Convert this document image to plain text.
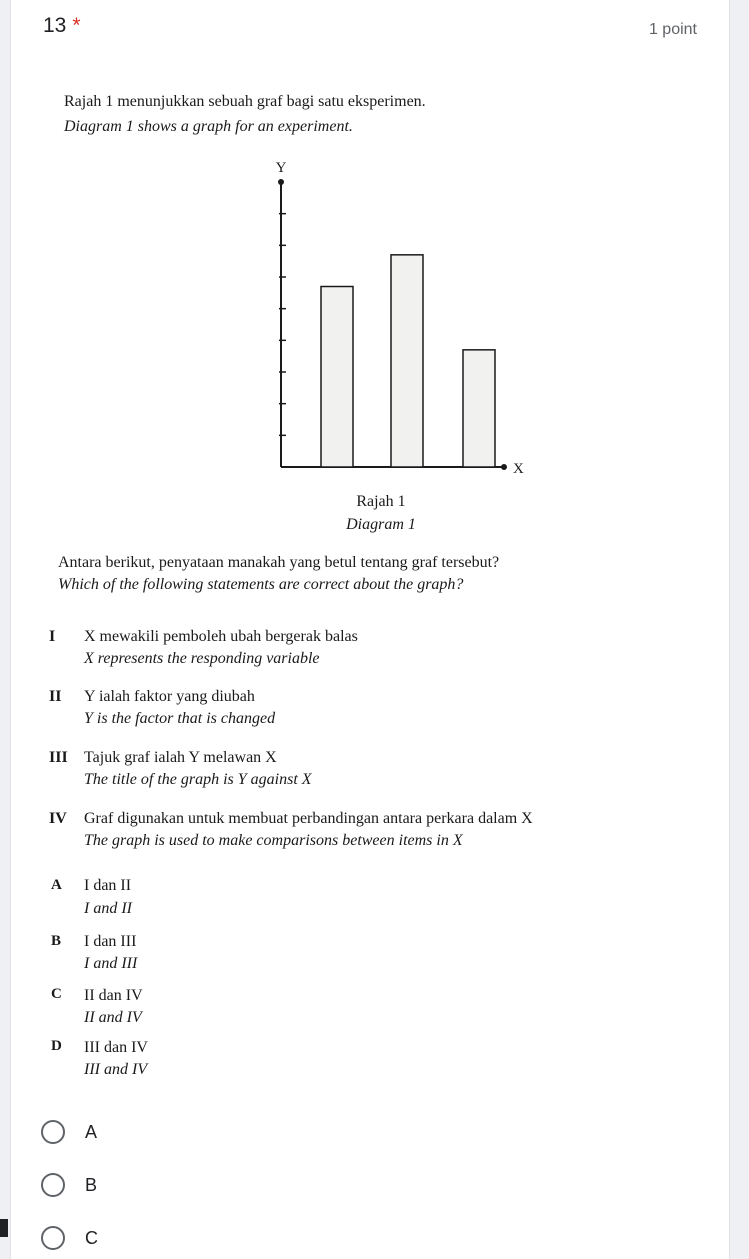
13 *	1 point
Rajah 1 menunjukkan sebuah graf bagi satu eksperimen.
Diagram 1 shows a graph for an experiment.
Y
X
Rajah 1
Diagram 1
Antara berikut, penyataan manakah yang betul tentang graf tersebut?
Which of the following statements are correct about the graph?
I X mewakili pemboleh ubah bergerak balas
X represents the responding variable
II Y ialah faktor yang diubah
Y is the factor that is changed
III Tajuk graf ialah Y melawan X
The title of the graph is Y against X
IV Graf digunakan untuk membuat perbandingan antara perkara dalam X
The graph is used to make comparisons between items in X
A I dan II
I and II
B I dan III
I and III
C II dan IV
II and IV
D III dan IV
III and IV
A
B
C
